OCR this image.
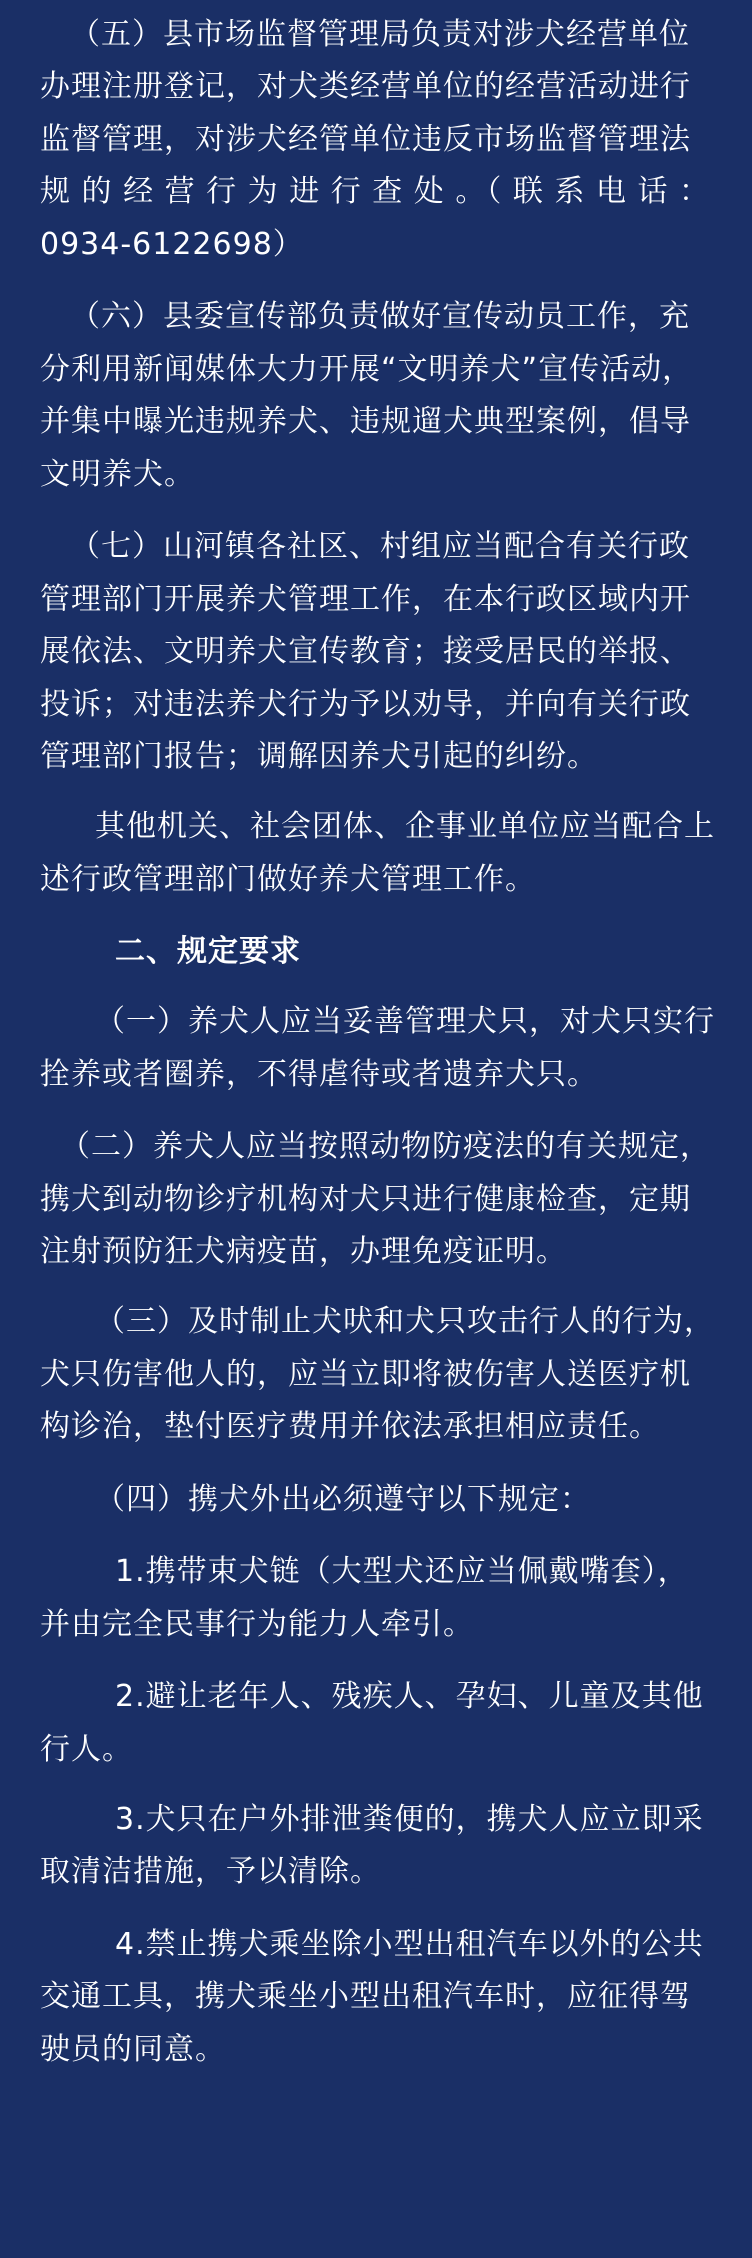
（五）县市场监督管理局负责对涉犬经营单位
办理注册登记，对犬类经营单位的经营活动进行
监督管理，对涉犬经管单位违反市场监督管理法
规 的 经 营 行 为 进 行 查 处 。（ 联 系 电 话 ：
0934-6122698）
（六）县委宣传部负责做好宣传动员工作，充
分利用新闻媒体大力开展“文明养犬”宣传活动，
并集中曝光违规养犬、违规遛犬典型案例，倡导
文明养犬。
（七）山河镇各社区、村组应当配合有关行政
管理部门开展养犬管理工作，在本行政区域内开
展依法、文明养犬宣传教育；接受居民的举报、
投诉；对违法养犬行为予以劝导，并向有关行政
管理部门报告；调解因养犬引起的纠纷。
其他机关、社会团体、企事业单位应当配合上
述行政管理部门做好养犬管理工作。
二、规定要求
（一）养犬人应当妥善管理犬只，对犬只实行
拴养或者圈养，不得虐待或者遗弃犬只。
（二）养犬人应当按照动物防疫法的有关规定，
携犬到动物诊疗机构对犬只进行健康检查，定期
注射预防狂犬病疫苗，办理免疫证明。
（三）及时制止犬吠和犬只攻击行人的行为，
犬只伤害他人的，应当立即将被伤害人送医疗机
构诊治，垫付医疗费用并依法承担相应责任。
（四）携犬外出必须遵守以下规定：
1.携带束犬链（大型犬还应当佩戴嘴套），
并由完全民事行为能力人牵引。
2.避让老年人、残疾人、孕妇、儿童及其他
行人。
3.犬只在户外排泄粪便的，携犬人应立即采
取清洁措施，予以清除。
4.禁止携犬乘坐除小型出租汽车以外的公共
交通工具，携犬乘坐小型出租汽车时，应征得驾
驶员的同意。
